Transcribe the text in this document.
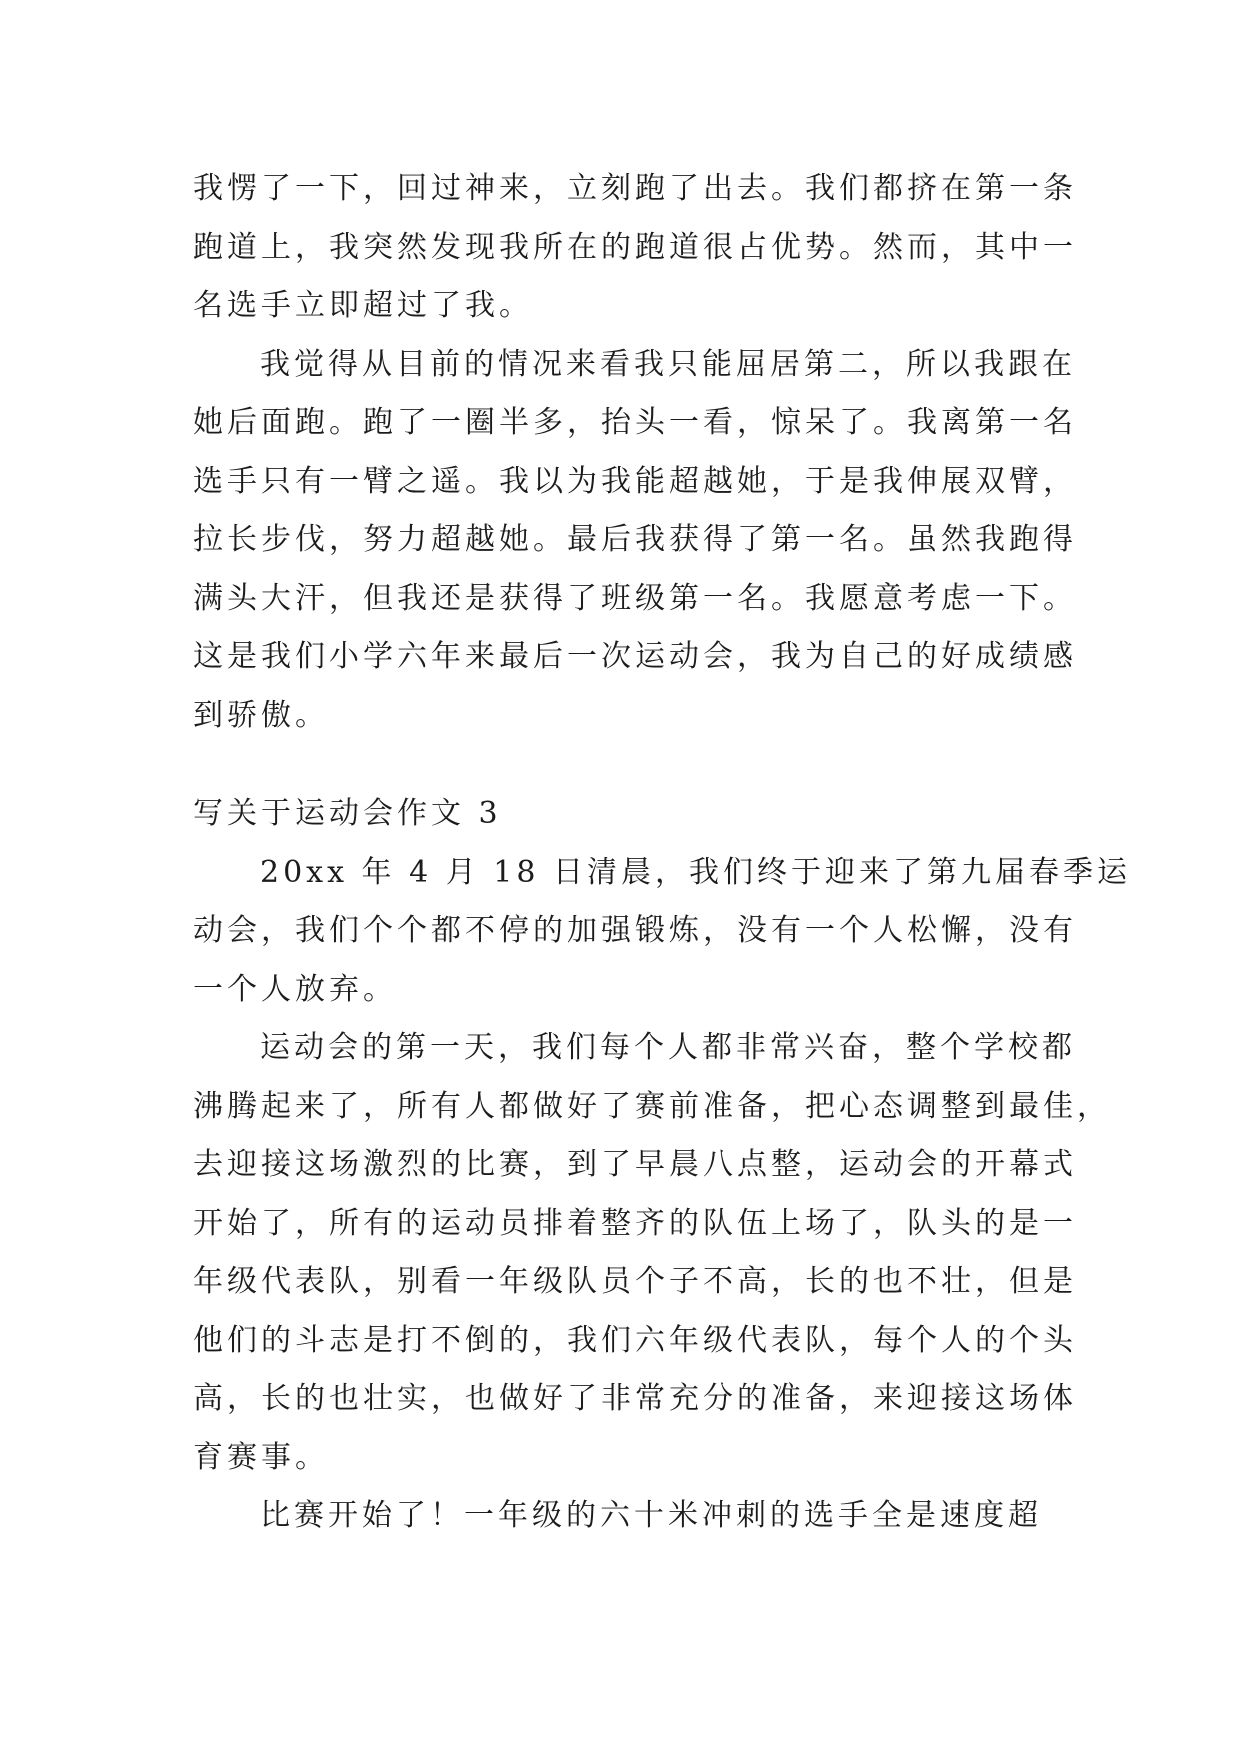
我愣了一下，回过神来，立刻跑了出去。我们都挤在第一条
跑道上，我突然发现我所在的跑道很占优势。然而，其中一
名选手立即超过了我。
我觉得从目前的情况来看我只能屈居第二，所以我跟在
她后面跑。跑了一圈半多，抬头一看，惊呆了。我离第一名
选手只有一臂之遥。我以为我能超越她，于是我伸展双臂，
拉长步伐，努力超越她。最后我获得了第一名。虽然我跑得
满头大汗，但我还是获得了班级第一名。我愿意考虑一下。
这是我们小学六年来最后一次运动会，我为自己的好成绩感
到骄傲。
写关于运动会作文 3
20xx 年 4 月 18 日清晨，我们终于迎来了第九届春季运
动会，我们个个都不停的加强锻炼，没有一个人松懈，没有
一个人放弃。
运动会的第一天，我们每个人都非常兴奋，整个学校都
沸腾起来了，所有人都做好了赛前准备，把心态调整到最佳，
去迎接这场激烈的比赛，到了早晨八点整，运动会的开幕式
开始了，所有的运动员排着整齐的队伍上场了，队头的是一
年级代表队，别看一年级队员个子不高，长的也不壮，但是
他们的斗志是打不倒的，我们六年级代表队，每个人的个头
高，长的也壮实，也做好了非常充分的准备，来迎接这场体
育赛事。
比赛开始了！一年级的六十米冲刺的选手全是速度超
